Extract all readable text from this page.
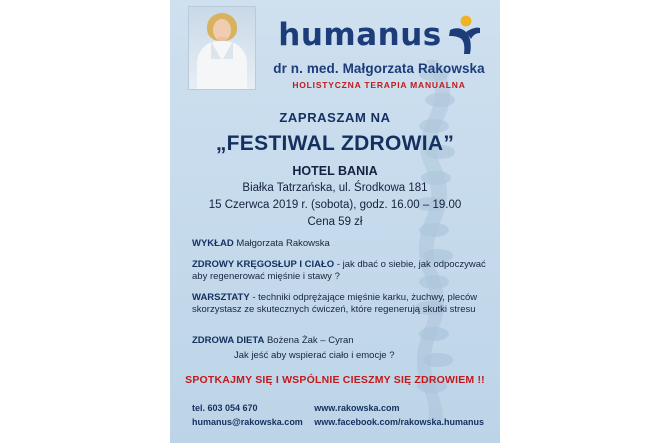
humanus
dr n. med. Małgorzata Rakowska
HOLISTYCZNA TERAPIA MANUALNA
ZAPRASZAM NA
„FESTIWAL ZDROWIA”
HOTEL BANIA
Białka Tatrzańska, ul. Środkowa 181
15 Czerwca 2019 r. (sobota), godz. 16.00 – 19.00
Cena 59 zł
WYKŁAD Małgorzata Rakowska
ZDROWY KRĘGOSŁUP I CIAŁO - jak dbać o siebie, jak odpoczywać aby regenerować mięśnie i stawy ?
WARSZTATY - techniki odprężające mięśnie karku, żuchwy, pleców skorzystasz ze skutecznych ćwiczeń, które regenerują skutki stresu
ZDROWA DIETA Bożena Żak – Cyran
Jak jeść aby wspierać ciało i emocje ?
SPOTKAJMY SIĘ I WSPÓLNIE CIESZMY SIĘ ZDROWIEM !!
tel. 603 054 670
humanus@rakowska.com
www.rakowska.com
www.facebook.com/rakowska.humanus
